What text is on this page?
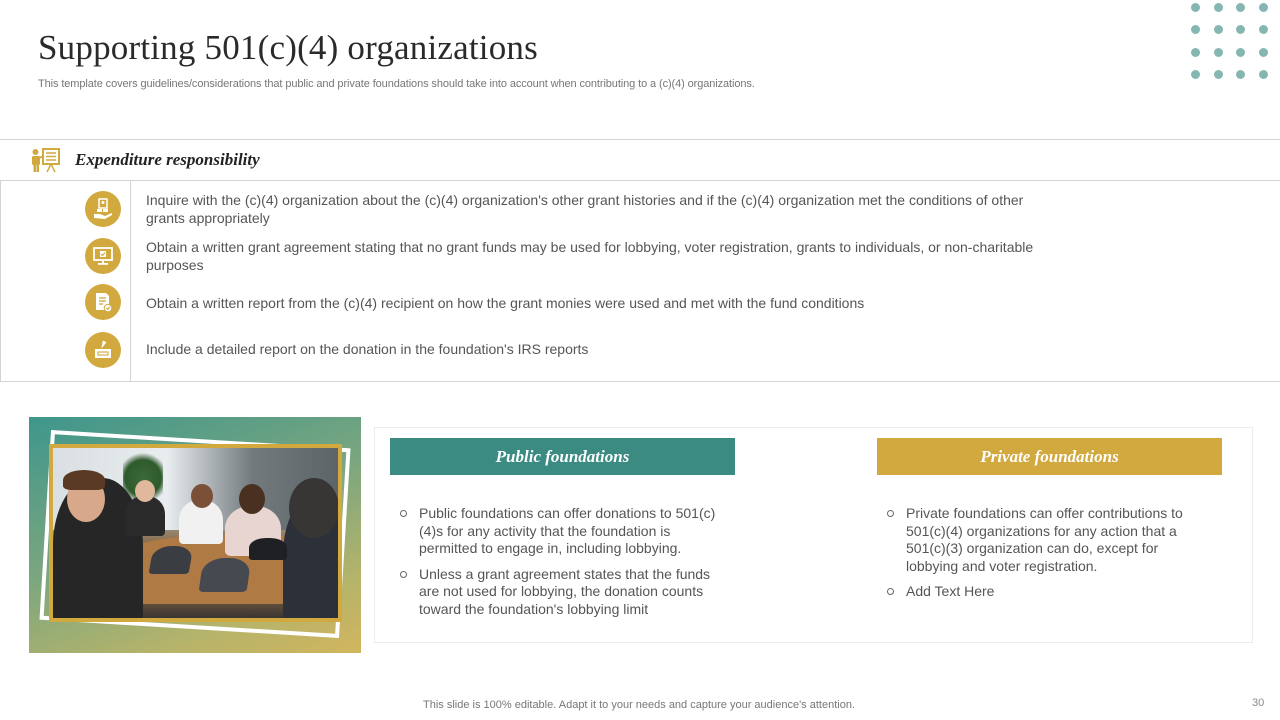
Supporting 501(c)(4) organizations

This template covers guidelines/considerations that public and private foundations should take into account when contributing to a (c)(4) organizations.

Expenditure responsibility

Inquire with the (c)(4) organization about the (c)(4) organization's other grant histories and if the (c)(4) organization met the conditions of other grants appropriately

Obtain a written grant agreement stating that no grant funds may be used for lobbying, voter registration, grants to individuals, or non-charitable purposes

Obtain a written report from the (c)(4) recipient on how the grant monies were used and met with the fund conditions

Include a detailed report on the donation in the foundation's IRS reports

Public foundations	Private foundations
Public foundations can offer donations to 501(c)(4)s for any activity that the foundation is permitted to engage in, including lobbying.
Unless a grant agreement states that the funds are not used for lobbying, the donation counts toward the foundation's lobbying limit
Private foundations can offer contributions to 501(c)(4) organizations for any action that a 501(c)(3) organization can do, except for lobbying and voter registration.
Add Text Here
This slide is 100% editable. Adapt it to your needs and capture your audience's attention.	30
